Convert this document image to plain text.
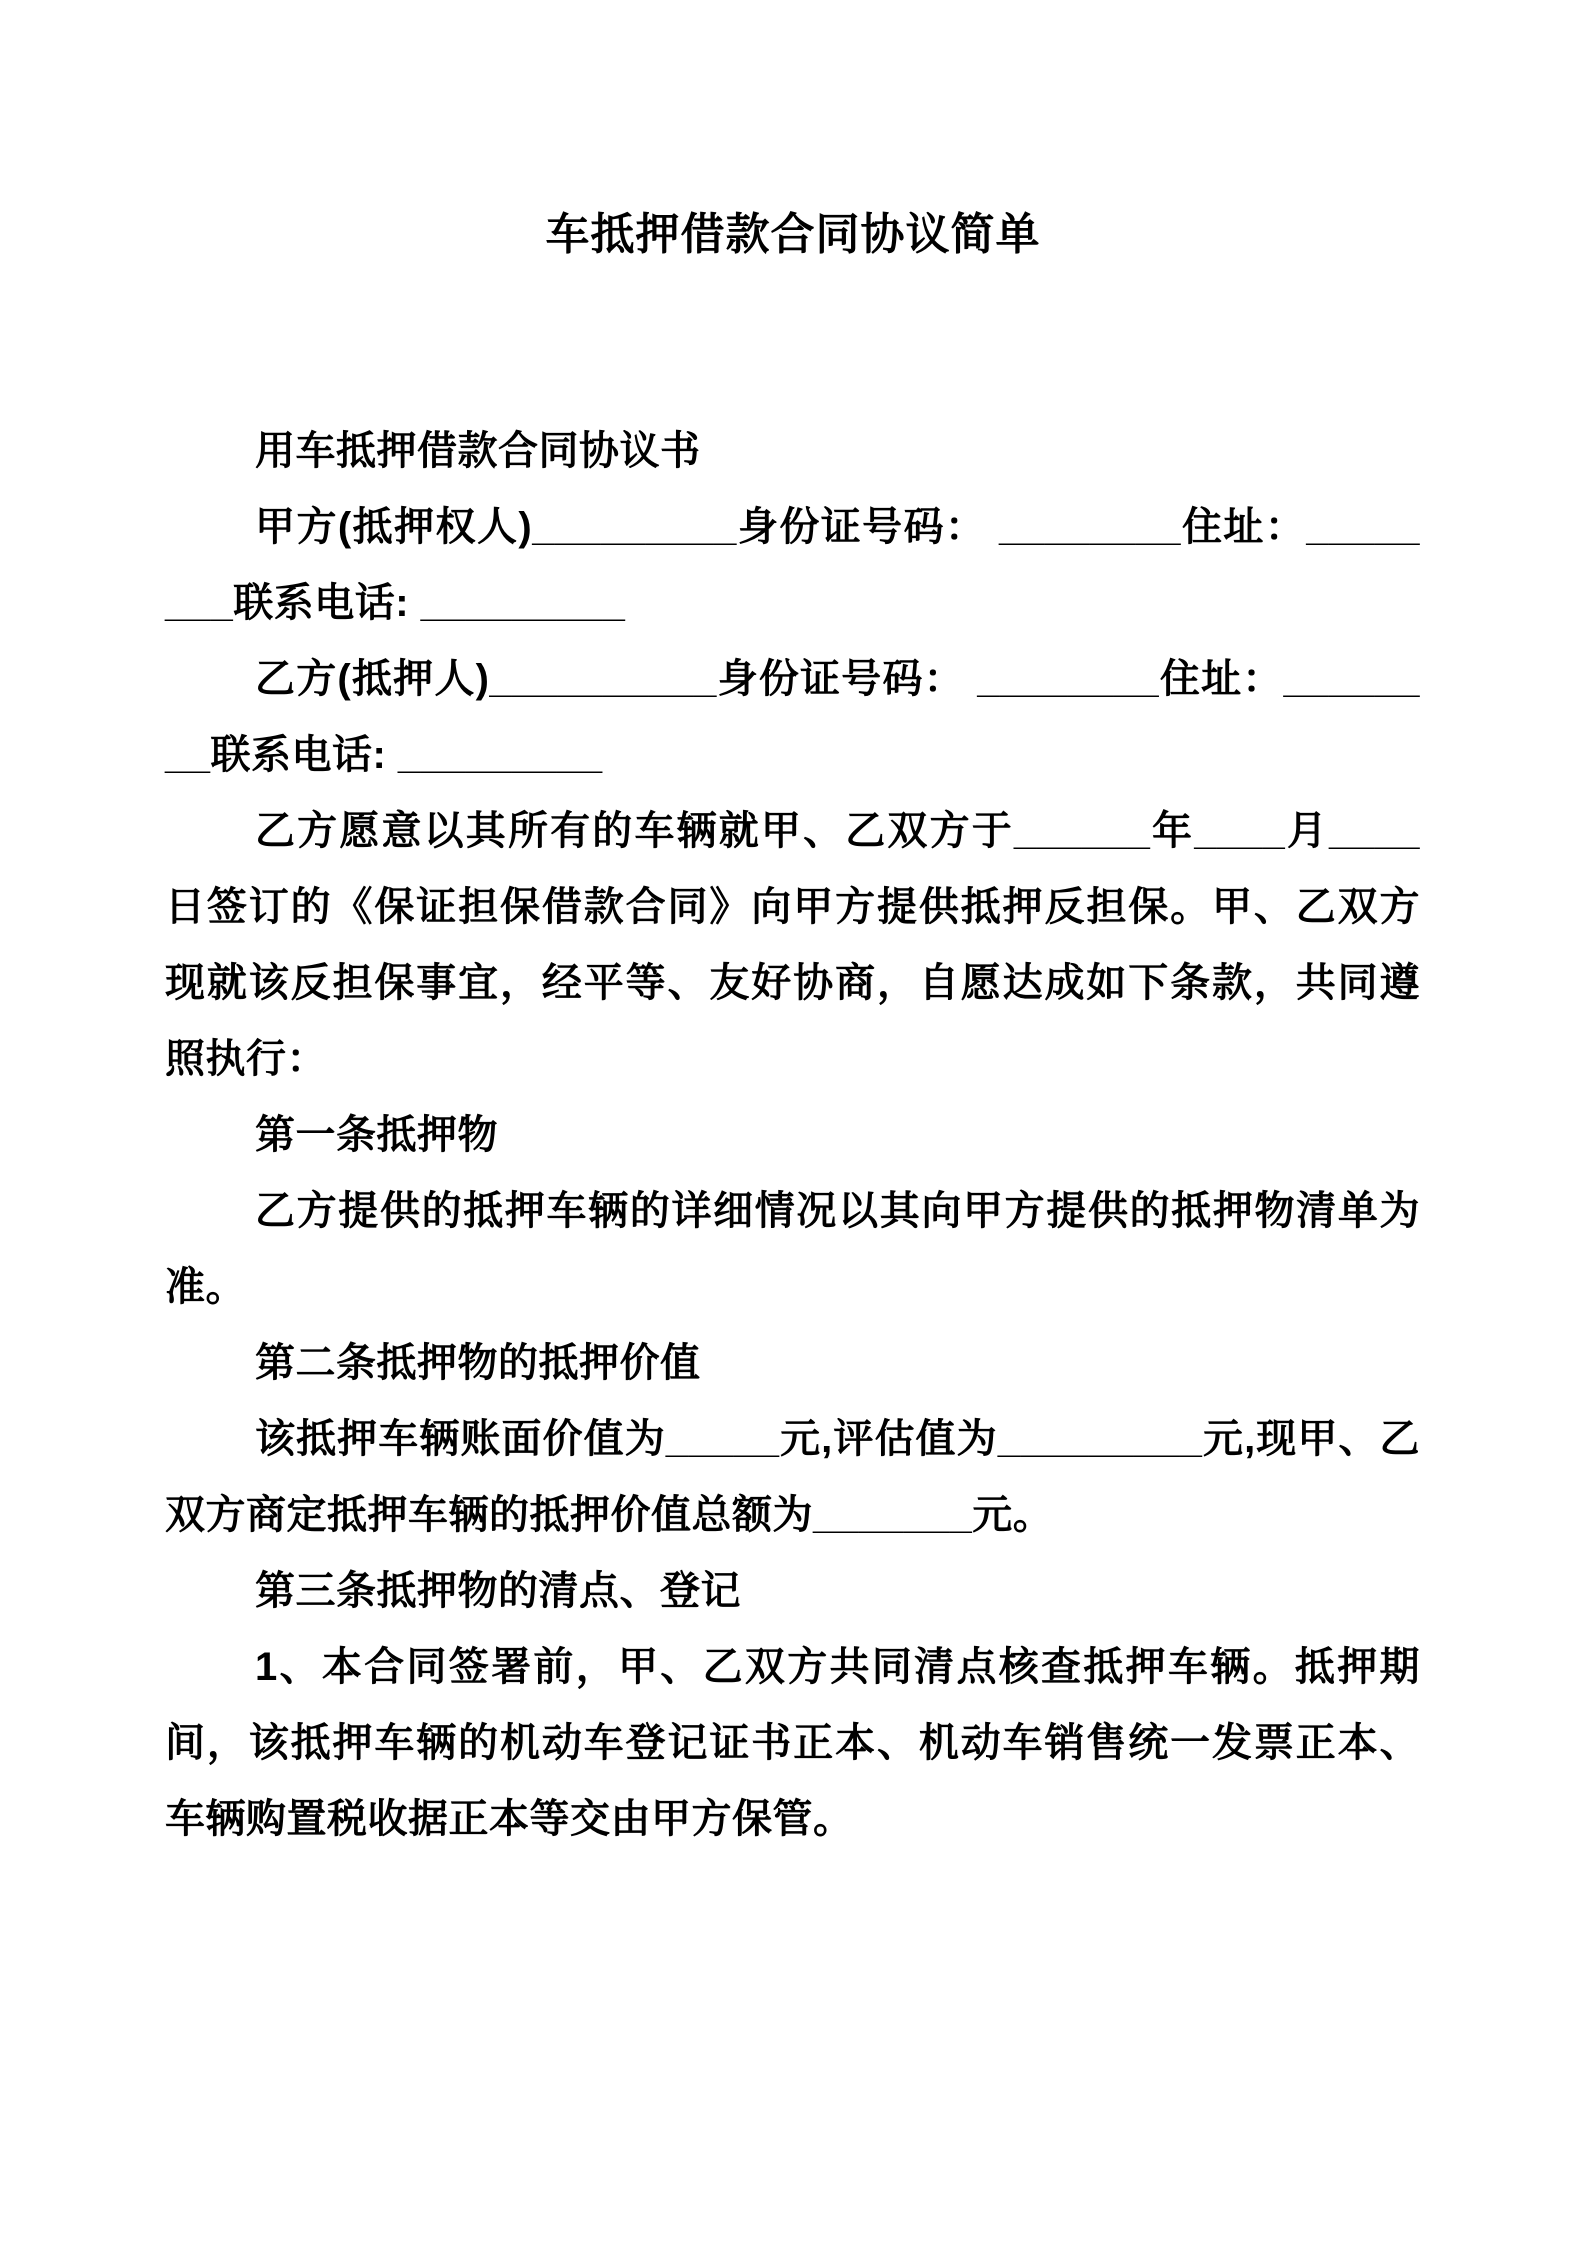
车抵押借款合同协议简单

用车抵押借款合同协议书

甲方(抵押权人)_________身份证号码： ________住址：________联系电话: _________

乙方(抵押人)__________身份证号码： ________住址：________联系电话: _________

乙方愿意以其所有的车辆就甲、乙双方于______年____月____日签订的《保证担保借款合同》向甲方提供抵押反担保。甲、乙双方现就该反担保事宜，经平等、友好协商，自愿达成如下条款，共同遵照执行：

第一条抵押物

乙方提供的抵押车辆的详细情况以其向甲方提供的抵押物清单为准。

第二条抵押物的抵押价值

该抵押车辆账面价值为_____元,评估值为_________元,现甲、乙双方商定抵押车辆的抵押价值总额为_______元。

第三条抵押物的清点、登记

1、本合同签署前，甲、乙双方共同清点核查抵押车辆。抵押期间，该抵押车辆的机动车登记证书正本、机动车销售统一发票正本、车辆购置税收据正本等交由甲方保管。
